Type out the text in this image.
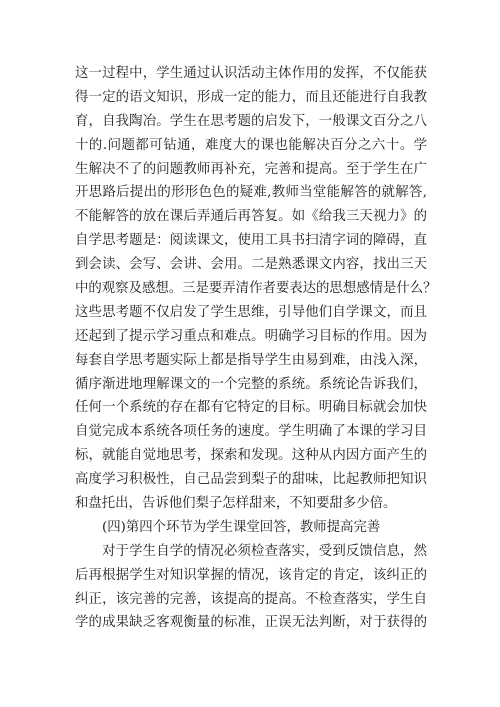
这一过程中，学生通过认识活动主体作用的发挥，不仅能获
得一定的语文知识，形成一定的能力，而且还能进行自我教
育，自我陶冶。学生在思考题的启发下，一般课文百分之八
十的.问题都可钻通，难度大的课也能解决百分之六十。学
生解决不了的问题教师再补充，完善和提高。至于学生在广
开思路后提出的形形色色的疑难,教师当堂能解答的就解答,
不能解答的放在课后弄通后再答复。如《给我三天视力》的
自学思考题是：阅读课文，使用工具书扫清字词的障碍，直
到会读、会写、会讲、会用。二是熟悉课文内容，找出三天
中的观察及感想。三是要弄清作者要表达的思想感情是什么？
这些思考题不仅启发了学生思维，引导他们自学课文，而且
还起到了提示学习重点和难点。明确学习目标的作用。因为
每套自学思考题实际上都是指导学生由易到难，由浅入深，
循序渐进地理解课文的一个完整的系统。系统论告诉我们，
任何一个系统的存在都有它特定的目标。明确目标就会加快
自觉完成本系统各项任务的速度。学生明确了本课的学习目
标，就能自觉地思考，探索和发现。这种从内因方面产生的
高度学习积极性，自己品尝到梨子的甜味，比起教师把知识
和盘托出，告诉他们梨子怎样甜来，不知要甜多少倍。
(四)第四个环节为学生课堂回答，教师提高完善
对于学生自学的情况必须检查落实，受到反馈信息，然
后再根据学生对知识掌握的情况，该肯定的肯定，该纠正的
纠正，该完善的完善，该提高的提高。不检查落实，学生自
学的成果缺乏客观衡量的标准，正误无法判断，对于获得的
